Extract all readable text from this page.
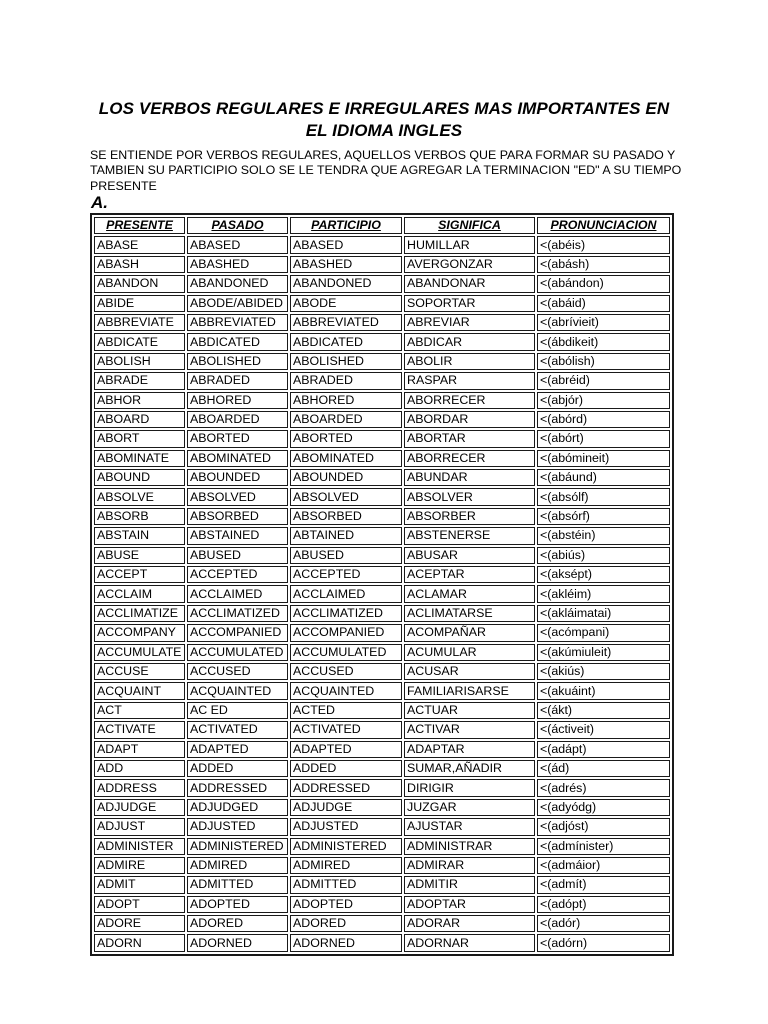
LOS VERBOS REGULARES E IRREGULARES MAS IMPORTANTES EN EL IDIOMA INGLES
SE ENTIENDE POR VERBOS REGULARES, AQUELLOS VERBOS QUE PARA FORMAR SU PASADO Y TAMBIEN SU PARTICIPIO SOLO SE LE TENDRA QUE AGREGAR LA TERMINACION "ED" A SU TIEMPO PRESENTE
A.
PRESENTE	PASADO	PARTICIPIO	SIGNIFICA	PRONUNCIACION
ABASE	ABASED	ABASED	HUMILLAR	<(abéis)
ABASH	ABASHED	ABASHED	AVERGONZAR	<(abásh)
ABANDON	ABANDONED	ABANDONED	ABANDONAR	<(abándon)
ABIDE	ABODE/ABIDED	ABODE	SOPORTAR	<(abáid)
ABBREVIATE	ABBREVIATED	ABBREVIATED	ABREVIAR	<(abrívieit)
ABDICATE	ABDICATED	ABDICATED	ABDICAR	<(ábdikeit)
ABOLISH	ABOLISHED	ABOLISHED	ABOLIR	<(abólish)
ABRADE	ABRADED	ABRADED	RASPAR	<(abréid)
ABHOR	ABHORED	ABHORED	ABORRECER	<(abjór)
ABOARD	ABOARDED	ABOARDED	ABORDAR	<(abórd)
ABORT	ABORTED	ABORTED	ABORTAR	<(abórt)
ABOMINATE	ABOMINATED	ABOMINATED	ABORRECER	<(abómineit)
ABOUND	ABOUNDED	ABOUNDED	ABUNDAR	<(abáund)
ABSOLVE	ABSOLVED	ABSOLVED	ABSOLVER	<(absólf)
ABSORB	ABSORBED	ABSORBED	ABSORBER	<(absórf)
ABSTAIN	ABSTAINED	ABTAINED	ABSTENERSE	<(abstéin)
ABUSE	ABUSED	ABUSED	ABUSAR	<(abiús)
ACCEPT	ACCEPTED	ACCEPTED	ACEPTAR	<(aksépt)
ACCLAIM	ACCLAIMED	ACCLAIMED	ACLAMAR	<(akléim)
ACCLIMATIZE	ACCLIMATIZED	ACCLIMATIZED	ACLIMATARSE	<(akláimatai)
ACCOMPANY	ACCOMPANIED	ACCOMPANIED	ACOMPAÑAR	<(acómpani)
ACCUMULATE	ACCUMULATED	ACCUMULATED	ACUMULAR	<(akúmiuleit)
ACCUSE	ACCUSED	ACCUSED	ACUSAR	<(akiús)
ACQUAINT	ACQUAINTED	ACQUAINTED	FAMILIARISARSE	<(akuáint)
ACT	AC ED	ACTED	ACTUAR	<(ákt)
ACTIVATE	ACTIVATED	ACTIVATED	ACTIVAR	<(ácti​veit)
ADAPT	ADAPTED	ADAPTED	ADAPTAR	<(adápt)
ADD	ADDED	ADDED	SUMAR,AÑADIR	<(ád)
ADDRESS	ADDRESSED	ADDRESSED	DIRIGIR	<(adrés)
ADJUDGE	ADJUDGED	ADJUDGE	JUZGAR	<(adyódg)
ADJUST	ADJUSTED	ADJUSTED	AJUSTAR	<(adjóst)
ADMINISTER	ADMINISTERED	ADMINISTERED	ADMINISTRAR	<(admínister)
ADMIRE	ADMIRED	ADMIRED	ADMIRAR	<(admáior)
ADMIT	ADMITTED	ADMITTED	ADMITIR	<(admít)
ADOPT	ADOPTED	ADOPTED	ADOPTAR	<(adópt)
ADORE	ADORED	ADORED	ADORAR	<(adór)
ADORN	ADORNED	ADORNED	ADORNAR	<(adórn)
